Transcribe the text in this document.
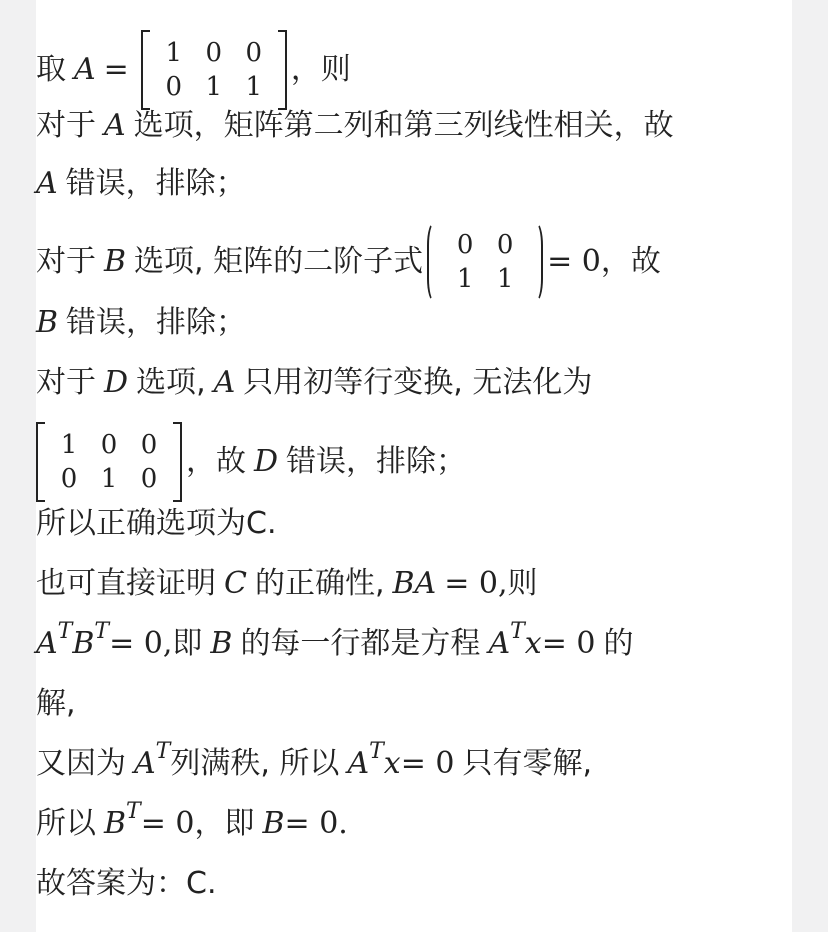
取 A =	1 0 0
0 1 1 ，则
对于 A 选项，矩阵第二列和第三列线性相关，故
A 错误，排除；
对于 B 选项 , 矩阵的二阶子式	0 0
1 1	= 0 ，故
B 错误，排除；
对于 D 选项 , A 只用初等行变换 , 无法化为
1 0 0
0 1 0 ，故 D 错误，排除；
所以正确选项为C.
也可直接证明 C 的正确性 , BA = 0, 则
A T B T = 0, 即 B 的每一行都是方程 A T x = 0 的
解,
又因为 A T 列满秩 , 所以 A T x = 0 只有零解,
所以 B T = 0 ，即 B = 0.
故答案为：C.
